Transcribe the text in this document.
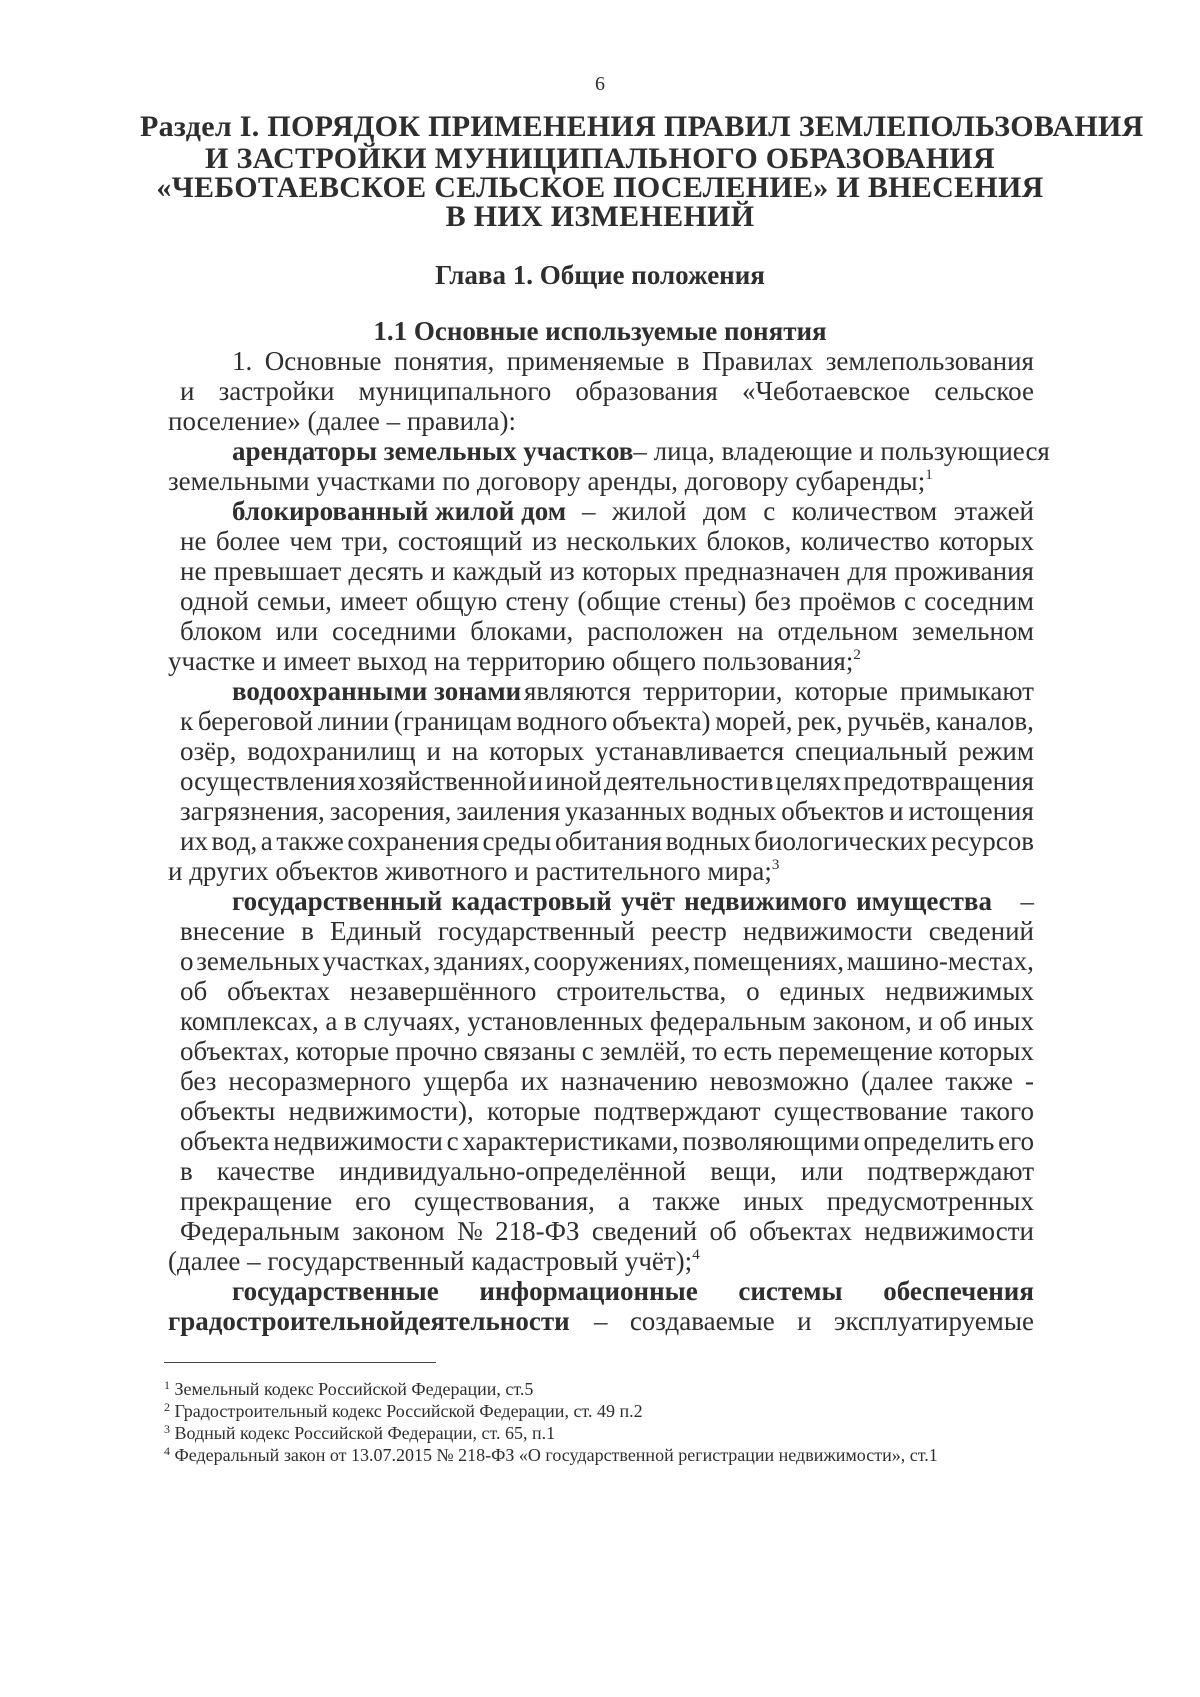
6
Раздел I. ПОРЯДОК ПРИМЕНЕНИЯ ПРАВИЛ ЗЕМЛЕПОЛЬЗОВАНИЯ
И ЗАСТРОЙКИ МУНИЦИПАЛЬНОГО ОБРАЗОВАНИЯ
«ЧЕБОТАЕВСКОЕ СЕЛЬСКОЕ ПОСЕЛЕНИЕ» И ВНЕСЕНИЯ
В НИХ ИЗМЕНЕНИЙ
Глава 1. Общие положения
1.1 Основные используемые понятия
1. Основные понятия, применяемые в Правилах землепользования
и застройки муниципального образования «Чеботаевское сельское
поселение» (далее – правила):
арендаторы земельных участков – лица, владеющие и пользующиеся
земельными участками по договору аренды, договору субаренды;$^1$
блокированный жилой дом – жилой дом с количеством этажей
не более чем три, состоящий из нескольких блоков, количество которых
не превышает десять и каждый из которых предназначен для проживания
одной семьи, имеет общую стену (общие стены) без проёмов с соседним
блоком или соседними блоками, расположен на отдельном земельном
участке и имеет выход на территорию общего пользования;$^2$
водоохранными зонами являются территории, которые примыкают
к береговой линии (границам водного объекта) морей, рек, ручьёв, каналов,
озёр, водохранилищ и на которых устанавливается специальный режим
осуществления хозяйственной и иной деятельности в целях предотвращения
загрязнения, засорения, заиления указанных водных объектов и истощения
их вод, а также сохранения среды обитания водных биологических ресурсов
и других объектов животного и растительного мира;$^3$
государственный кадастровый учёт недвижимого имущества –
внесение в Единый государственный реестр недвижимости сведений
о земельных участках, зданиях, сооружениях, помещениях, машино-местах,
об объектах незавершённого строительства, о единых недвижимых
комплексах, а в случаях, установленных федеральным законом, и об иных
объектах, которые прочно связаны с землёй, то есть перемещение которых
без несоразмерного ущерба их назначению невозможно (далее также -
объекты недвижимости), которые подтверждают существование такого
объекта недвижимости с характеристиками, позволяющими определить его
в качестве индивидуально-определённой вещи, или подтверждают
прекращение его существования, а также иных предусмотренных
Федеральным законом № 218-ФЗ сведений об объектах недвижимости
(далее – государственный кадастровый учёт);$^4$
государственные информационные системы обеспечения
градостроительной деятельности – создаваемые и эксплуатируемые
$^1$ Земельный кодекс Российской Федерации, ст.5
$^2$ Градостроительный кодекс Российской Федерации, ст. 49 п.2
$^3$ Водный кодекс Российской Федерации, ст. 65, п.1
$^4$ Федеральный закон от 13.07.2015 № 218-ФЗ «О государственной регистрации недвижимости», ст.1
